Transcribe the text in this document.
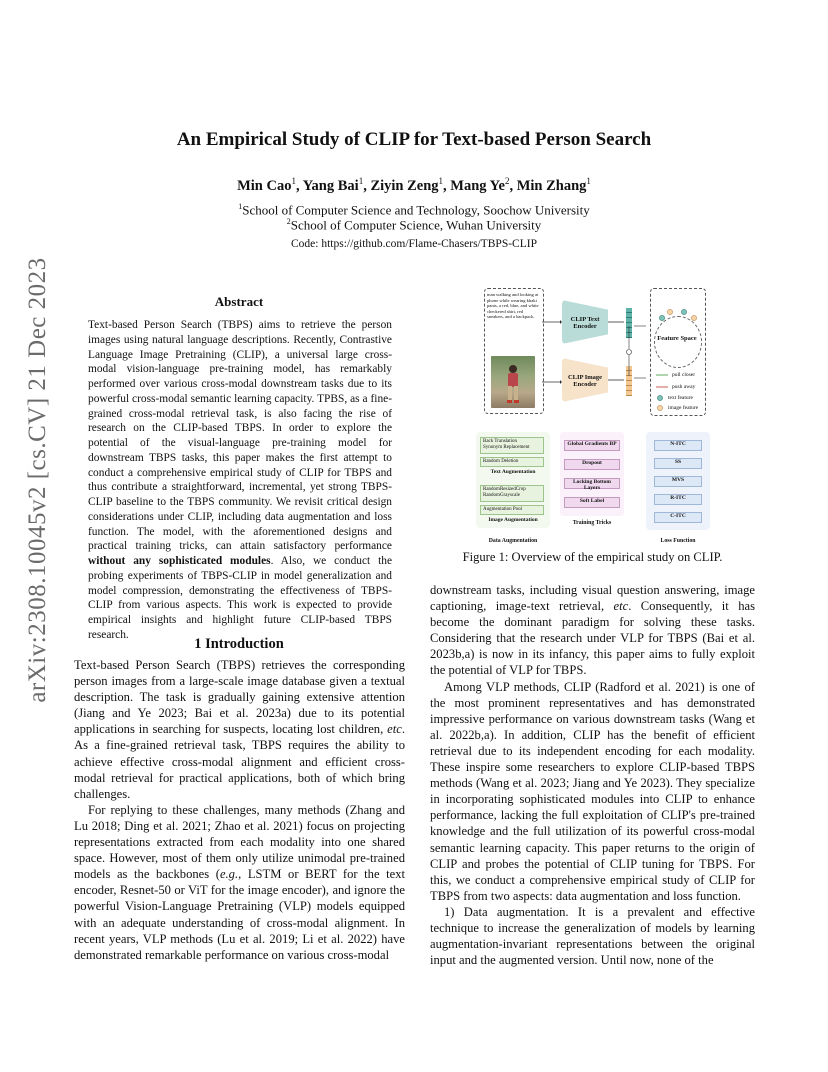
An Empirical Study of CLIP for Text-based Person Search
Min Cao$^1$, Yang Bai$^1$, Ziyin Zeng$^1$, Mang Ye$^2$, Min Zhang$^1$
$^1$School of Computer Science and Technology, Soochow University
$^2$School of Computer Science, Wuhan University
Code: https://github.com/Flame-Chasers/TBPS-CLIP
arXiv:2308.10045v2 [cs.CV] 21 Dec 2023	Abstract
Text-based Person Search (TBPS) aims to retrieve the person images using natural language descriptions. Recently, Contrastive Language Image Pretraining (CLIP), a universal large cross-modal vision-language pre-training model, has remarkably performed over various cross-modal downstream tasks due to its powerful cross-modal semantic learning capacity. TPBS, as a fine-grained cross-modal retrieval task, is also facing the rise of research on the CLIP-based TBPS. In order to explore the potential of the visual-language pre-training model for downstream TBPS tasks, this paper makes the first attempt to conduct a comprehensive empirical study of CLIP for TBPS and thus contribute a straightforward, incremental, yet strong TBPS-CLIP baseline to the TBPS community. We revisit critical design considerations under CLIP, including data augmentation and loss function. The model, with the aforementioned designs and practical training tricks, can attain satisfactory performance without any sophisticated modules. Also, we conduct the probing experiments of TBPS-CLIP in model generalization and model compression, demonstrating the effectiveness of TBPS-CLIP from various aspects. This work is expected to provide empirical insights and highlight future CLIP-based TBPS research.
1 Introduction

Text-based Person Search (TBPS) retrieves the corresponding person images from a large-scale image database given a textual description. The task is gradually gaining extensive attention (Jiang and Ye 2023; Bai et al. 2023a) due to its potential applications in searching for suspects, locating lost children, etc. As a fine-grained retrieval task, TBPS requires the ability to achieve effective cross-modal alignment and efficient cross-modal retrieval for practical applications, both of which bring challenges.

For replying to these challenges, many methods (Zhang and Lu 2018; Ding et al. 2021; Zhao et al. 2021) focus on projecting representations extracted from each modality into one shared space. However, most of them only utilize unimodal pre-trained models as the backbones (e.g., LSTM or BERT for the text encoder, Resnet-50 or ViT for the image encoder), and ignore the powerful Vision-Language Pretraining (VLP) models equipped with an adequate understanding of cross-modal alignment. In recent years, VLP methods (Lu et al. 2019; Li et al. 2022) have demonstrated remarkable performance on various cross-modal

downstream tasks, including visual question answering, image captioning, image-text retrieval, etc. Consequently, it has become the dominant paradigm for solving these tasks. Considering that the research under VLP for TBPS (Bai et al. 2023b,a) is now in its infancy, this paper aims to fully exploit the potential of VLP for TBPS.

Among VLP methods, CLIP (Radford et al. 2021) is one of the most prominent representatives and has demonstrated impressive performance on various downstream tasks (Wang et al. 2022b,a). In addition, CLIP has the benefit of efficient retrieval due to its independent encoding for each modality. These inspire some researchers to explore CLIP-based TBPS methods (Wang et al. 2023; Jiang and Ye 2023). They specialize in incorporating sophisticated modules into CLIP to enhance performance, lacking the full exploitation of CLIP's pre-trained knowledge and the full utilization of its powerful cross-modal semantic learning capacity. This paper returns to the origin of CLIP and probes the potential of CLIP tuning for TBPS. For this, we conduct a comprehensive empirical study of CLIP for TBPS from two aspects: data augmentation and loss function.

1) Data augmentation. It is a prevalent and effective technique to increase the generalization of models by learning augmentation-invariant representations between the original input and the augmented version. Until now, none of the

man walking and looking at phone while wearing khaki pants, a red, blue, and white checkered shirt, red sneakers, and a backpack.	CLIP Text Encoder
CLIP Image Encoder
Feature Space
pull closer
push away
text feature
image feature
Back Translation
Synonym Replacement
Random Deletion
Text Augmentation
RandomResizedCrop
RandomGrayscale
Augmentation Pool
Image Augmentation
Data Augmentation
Global Gradients BP
Dropout
Locking Bottom Layers
Soft Label
Training Tricks
N-ITC
SS
MVS
R-ITC
C-ITC
Loss Function
Figure 1: Overview of the empirical study on CLIP.
